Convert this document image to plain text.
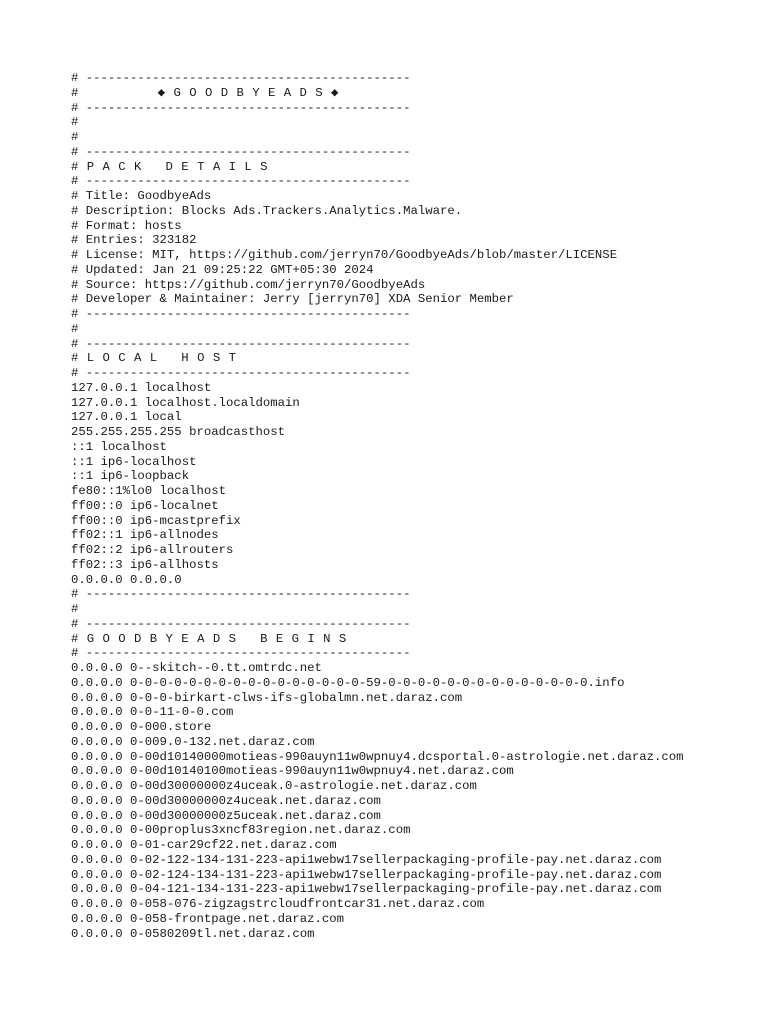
# --------------------------------------------
#          ◆ G O O D B Y E A D S ◆
# --------------------------------------------
#
#
# --------------------------------------------
# P A C K   D E T A I L S
# --------------------------------------------
# Title: GoodbyeAds
# Description: Blocks Ads.Trackers.Analytics.Malware.
# Format: hosts
# Entries: 323182
# License: MIT, https://github.com/jerryn70/GoodbyeAds/blob/master/LICENSE
# Updated: Jan 21 09:25:22 GMT+05:30 2024
# Source: https://github.com/jerryn70/GoodbyeAds
# Developer & Maintainer: Jerry [jerryn70] XDA Senior Member
# --------------------------------------------
#
# --------------------------------------------
# L O C A L   H O S T
# --------------------------------------------
127.0.0.1 localhost
127.0.0.1 localhost.localdomain
127.0.0.1 local
255.255.255.255 broadcasthost
::1 localhost
::1 ip6-localhost
::1 ip6-loopback
fe80::1%lo0 localhost
ff00::0 ip6-localnet
ff00::0 ip6-mcastprefix
ff02::1 ip6-allnodes
ff02::2 ip6-allrouters
ff02::3 ip6-allhosts
0.0.0.0 0.0.0.0
# --------------------------------------------
#
# --------------------------------------------
# G O O D B Y E A D S   B E G I N S
# --------------------------------------------
0.0.0.0 0--skitch--0.tt.omtrdc.net
0.0.0.0 0-0-0-0-0-0-0-0-0-0-0-0-0-0-0-0-59-0-0-0-0-0-0-0-0-0-0-0-0-0-0.info
0.0.0.0 0-0-0-birkart-clws-ifs-globalmn.net.daraz.com
0.0.0.0 0-0-11-0-0.com
0.0.0.0 0-000.store
0.0.0.0 0-009.0-132.net.daraz.com
0.0.0.0 0-00d10140000motieas-990auyn11w0wpnuy4.dcsportal.0-astrologie.net.daraz.com
0.0.0.0 0-00d10140100motieas-990auyn11w0wpnuy4.net.daraz.com
0.0.0.0 0-00d30000000z4uceak.0-astrologie.net.daraz.com
0.0.0.0 0-00d30000000z4uceak.net.daraz.com
0.0.0.0 0-00d30000000z5uceak.net.daraz.com
0.0.0.0 0-00proplus3xncf83region.net.daraz.com
0.0.0.0 0-01-car29cf22.net.daraz.com
0.0.0.0 0-02-122-134-131-223-api1webw17sellerpackaging-profile-pay.net.daraz.com
0.0.0.0 0-02-124-134-131-223-api1webw17sellerpackaging-profile-pay.net.daraz.com
0.0.0.0 0-04-121-134-131-223-api1webw17sellerpackaging-profile-pay.net.daraz.com
0.0.0.0 0-058-076-zigzagstrcloudfrontcar31.net.daraz.com
0.0.0.0 0-058-frontpage.net.daraz.com
0.0.0.0 0-0580209tl.net.daraz.com
